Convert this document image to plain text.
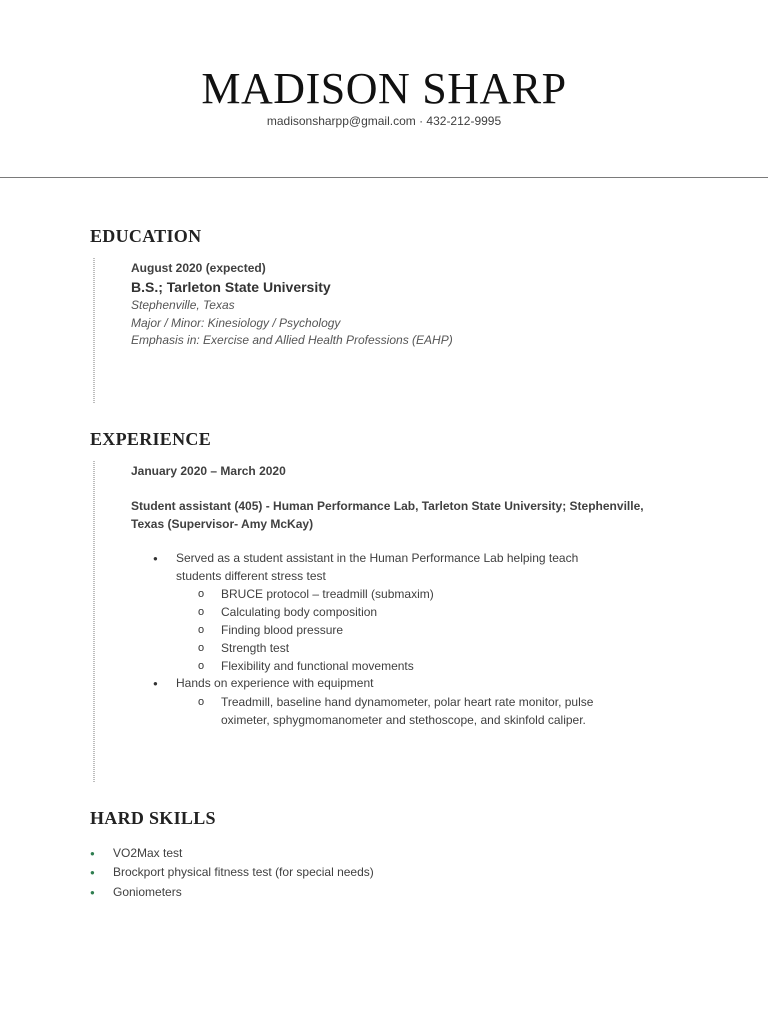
MADISON SHARP
madisonsharpp@gmail.com · 432-212-9995
EDUCATION
August 2020 (expected)
B.S.; Tarleton State University
Stephenville, Texas
Major / Minor: Kinesiology / Psychology
Emphasis in: Exercise and Allied Health Professions (EAHP)
EXPERIENCE
January 2020 – March 2020
Student assistant (405) - Human Performance Lab, Tarleton State University; Stephenville, Texas (Supervisor- Amy McKay)
● Served as a student assistant in the Human Performance Lab helping teach students different stress test
o BRUCE protocol – treadmill (submaxim)
o Calculating body composition
o Finding blood pressure
o Strength test
o Flexibility and functional movements
● Hands on experience with equipment
o Treadmill, baseline hand dynamometer, polar heart rate monitor, pulse oximeter, sphygmomanometer and stethoscope, and skinfold caliper.
HARD SKILLS
● VO2Max test
● Brockport physical fitness test (for special needs)
● Goniometers
